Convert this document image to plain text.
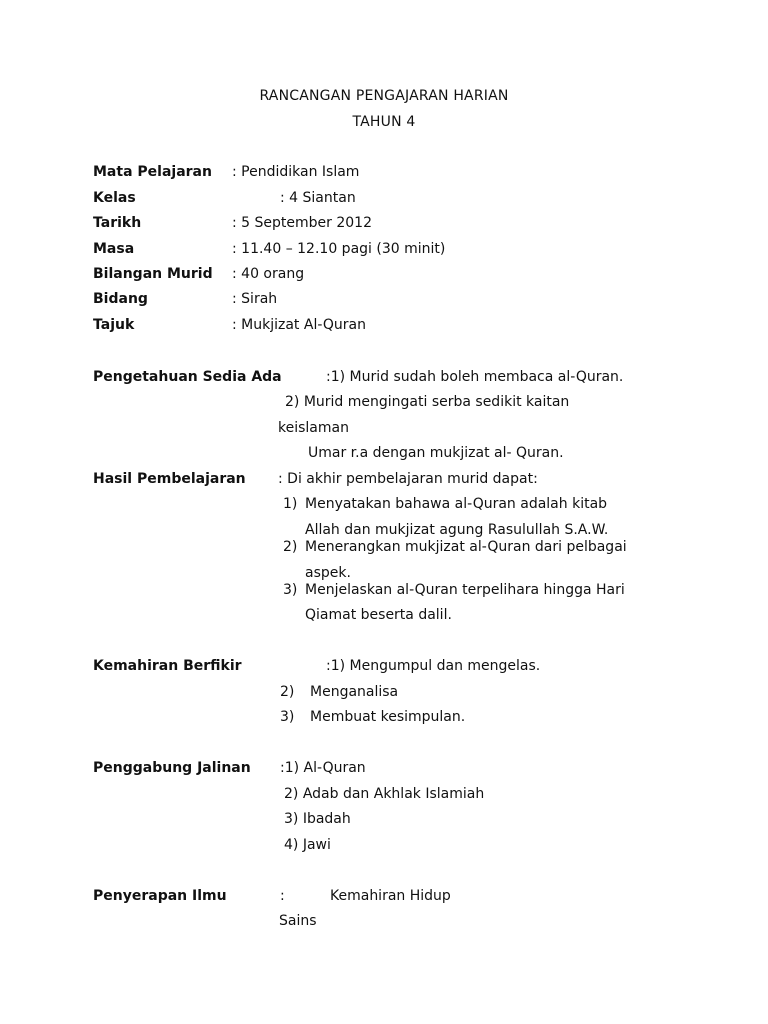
RANCANGAN PENGAJARAN HARIAN
TAHUN 4
Mata Pelajaran : Pendidikan Islam
Kelas	: 4 Siantan
Tarikh	: 5 September 2012
Masa	: 11.40 – 12.10 pagi (30 minit)
Bilangan Murid : 40 orang
Bidang	: Sirah
Tajuk	: Mukjizat Al-Quran
Pengetahuan Sedia Ada	:1) Murid sudah boleh membaca al-Quran.
2) Murid mengingati serba sedikit kaitan
keislaman
Umar r.a dengan mukjizat al- Quran.
Hasil Pembelajaran : Di akhir pembelajaran murid dapat:
1) Menyatakan bahawa al-Quran adalah kitab
Allah dan mukjizat agung Rasulullah S.A.W.
2) Menerangkan mukjizat al-Quran dari pelbagai
aspek.
3) Menjelaskan al-Quran terpelihara hingga Hari
Qiamat beserta dalil.
Kemahiran Berfikir	:1) Mengumpul dan mengelas.
2) Menganalisa
3) Membuat kesimpulan.
Penggabung Jalinan :1) Al-Quran
2) Adab dan Akhlak Islamiah
3) Ibadah
4) Jawi
Penyerapan Ilmu	:	Kemahiran Hidup
Sains
